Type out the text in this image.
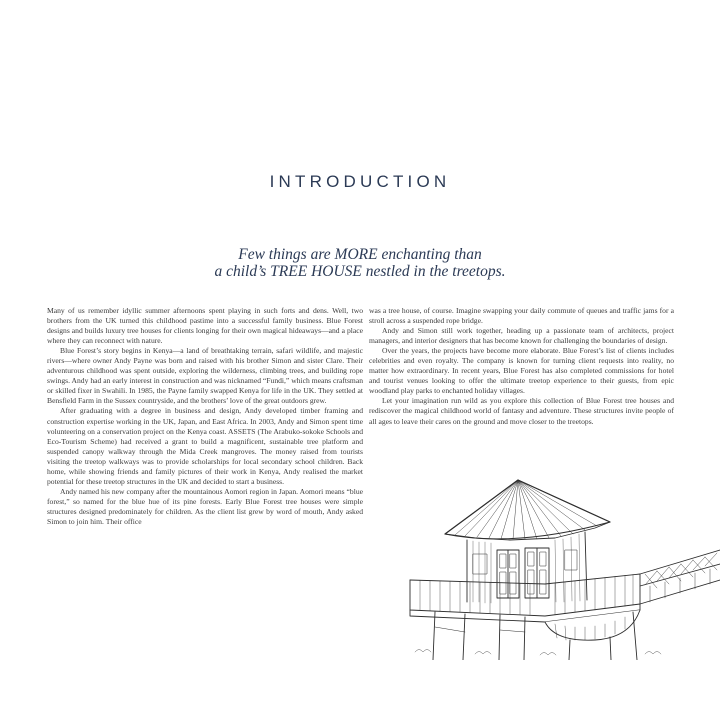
INTRODUCTION
Few things are MORE enchanting than
a child’s TREE HOUSE nestled in the treetops.

Many of us remember idyllic summer afternoons spent playing in such forts and dens. Well, two brothers from the UK turned this childhood pastime into a successful family business. Blue Forest designs and builds luxury tree houses for clients longing for their own magical hideaways—and a place where they can reconnect with nature.

Blue Forest’s story begins in Kenya—a land of breathtaking terrain, safari wildlife, and majestic rivers—where owner Andy Payne was born and raised with his brother Simon and sister Clare. Their adventurous childhood was spent outside, exploring the wilderness, climbing trees, and building rope swings. Andy had an early interest in construction and was nicknamed “Fundi,” which means craftsman or skilled fixer in Swahili. In 1985, the Payne family swapped Kenya for life in the UK. They settled at Bensfield Farm in the Sussex countryside, and the brothers’ love of the great outdoors grew.

After graduating with a degree in business and design, Andy developed timber framing and construction expertise working in the UK, Japan, and East Africa. In 2003, Andy and Simon spent time volunteering on a conservation project on the Kenya coast. ASSETS (The Arabuko-sokoke Schools and Eco-Tourism Scheme) had received a grant to build a magnificent, sustainable tree platform and suspended canopy walkway through the Mida Creek mangroves. The money raised from tourists visiting the treetop walkways was to provide scholarships for local secondary school children. Back home, while showing friends and family pictures of their work in Kenya, Andy realised the market potential for these treetop structures in the UK and decided to start a business.

Andy named his new company after the mountainous Aomori region in Japan. Aomori means “blue forest,” so named for the blue hue of its pine forests. Early Blue Forest tree houses were simple structures designed predominately for children. As the client list grew by word of mouth, Andy asked Simon to join him. Their office

was a tree house, of course. Imagine swapping your daily commute of queues and traffic jams for a stroll across a suspended rope bridge.

Andy and Simon still work together, heading up a passionate team of architects, project managers, and interior designers that has become known for challenging the boundaries of design.

Over the years, the projects have become more elaborate. Blue Forest’s list of clients includes celebrities and even royalty. The company is known for turning client requests into reality, no matter how extraordinary. In recent years, Blue Forest has also completed commissions for hotel and tourist venues looking to offer the ultimate treetop experience to their guests, from epic woodland play parks to enchanted holiday villages.

Let your imagination run wild as you explore this collection of Blue Forest tree houses and rediscover the magical childhood world of fantasy and adventure. These structures invite people of all ages to leave their cares on the ground and move closer to the treetops.
